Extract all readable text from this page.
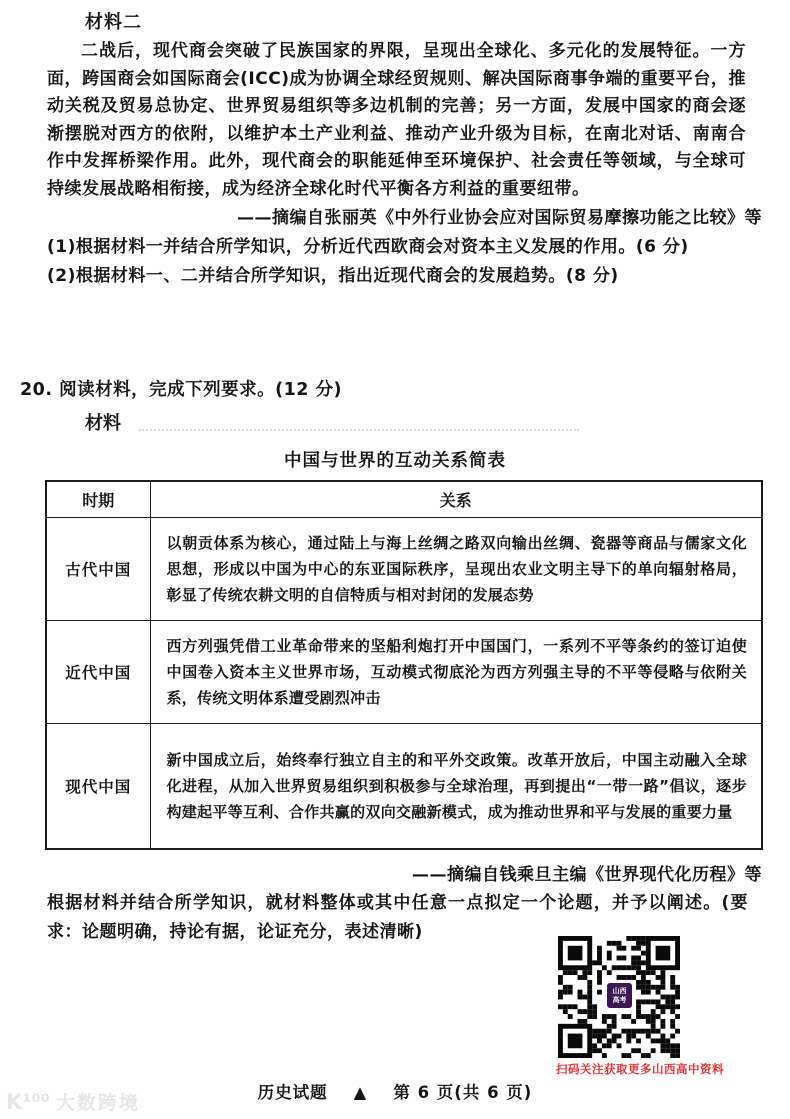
材料二

二战后，现代商会突破了民族国家的界限，呈现出全球化、多元化的发展特征。一方面，跨国商会如国际商会(ICC)成为协调全球经贸规则、解决国际商事争端的重要平台，推动关税及贸易总协定、世界贸易组织等多边机制的完善；另一方面，发展中国家的商会逐渐摆脱对西方的依附，以维护本土产业利益、推动产业升级为目标，在南北对话、南南合作中发挥桥梁作用。此外，现代商会的职能延伸至环境保护、社会责任等领域，与全球可持续发展战略相衔接，成为经济全球化时代平衡各方利益的重要纽带。

——摘编自张丽英《中外行业协会应对国际贸易摩擦功能之比较》等
(1)根据材料一并结合所学知识，分析近代西欧商会对资本主义发展的作用。(6 分)
(2)根据材料一、二并结合所学知识，指出近现代商会的发展趋势。(8 分)
20. 阅读材料，完成下列要求。(12 分)
材料
中国与世界的互动关系简表
时期	关系
古代中国	以朝贡体系为核心，通过陆上与海上丝绸之路双向输出丝绸、瓷器等商品与儒家文化思想，形成以中国为中心的东亚国际秩序，呈现出农业文明主导下的单向辐射格局，彰显了传统农耕文明的自信特质与相对封闭的发展态势
近代中国	西方列强凭借工业革命带来的坚船利炮打开中国国门，一系列不平等条约的签订迫使中国卷入资本主义世界市场，互动模式彻底沦为西方列强主导的不平等侵略与依附关系，传统文明体系遭受剧烈冲击
现代中国	新中国成立后，始终奉行独立自主的和平外交政策。改革开放后，中国主动融入全球化进程，从加入世界贸易组织到积极参与全球治理，再到提出“一带一路”倡议，逐步构建起平等互利、合作共赢的双向交融新模式，成为推动世界和平与发展的重要力量
——摘编自钱乘旦主编《世界现代化历程》等

根据材料并结合所学知识，就材料整体或其中任意一点拟定一个论题，并予以阐述。(要求：论题明确，持论有据，论证充分，表述清晰)

山西
高考
扫码关注获取更多山西高中资料
历史试题 ▲ 第 6 页(共 6 页)
K¹⁰⁰ 大数跨境
